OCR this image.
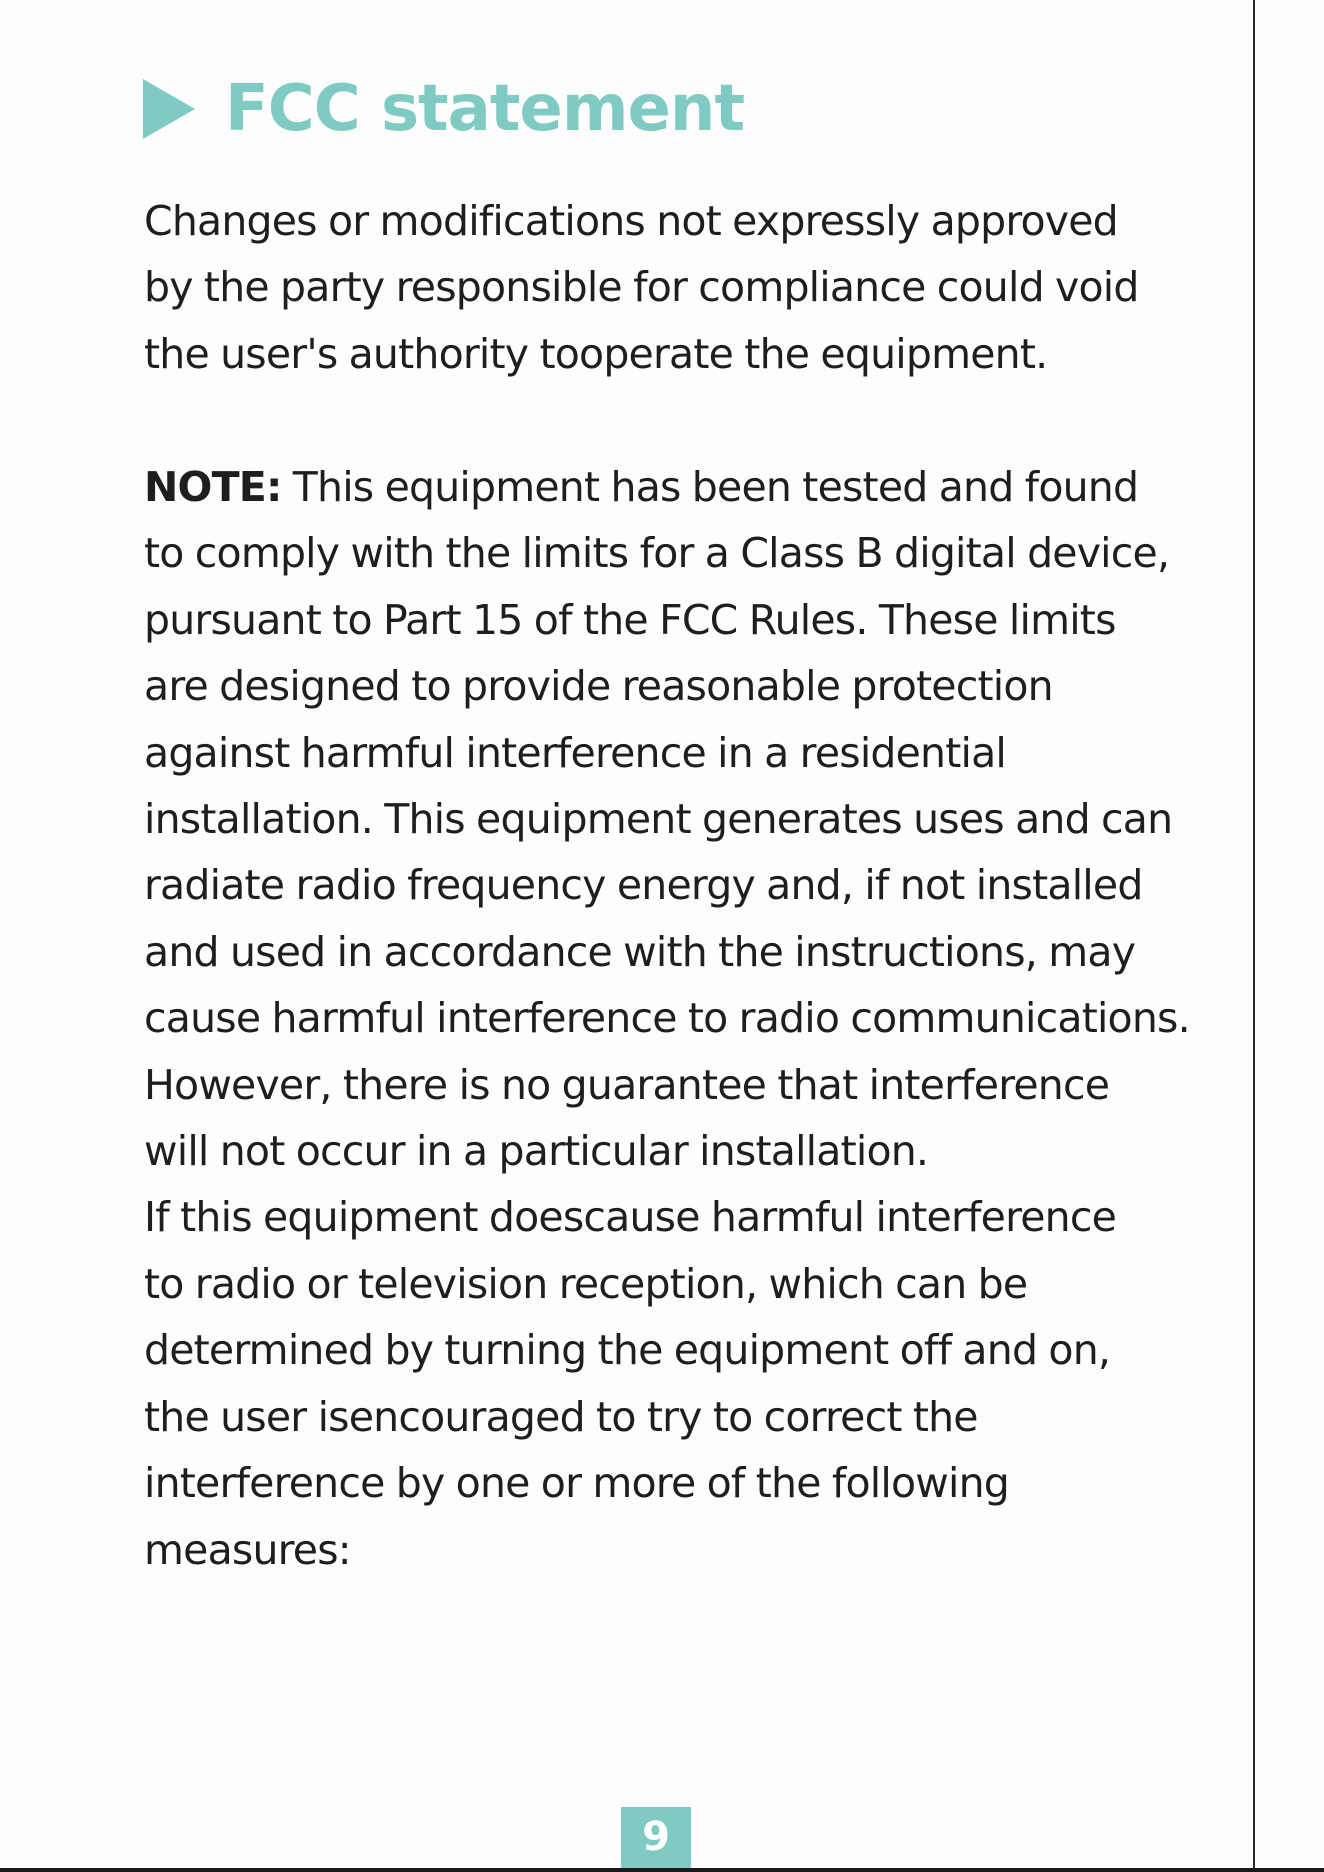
FCC statement

Changes or modifications not expressly approved
by the party responsible for compliance could void
the user's authority tooperate the equipment.

NOTE: This equipment has been tested and found
to comply with the limits for a Class B digital device,
pursuant to Part 15 of the FCC Rules. These limits
are designed to provide reasonable protection
against harmful interference in a residential
installation. This equipment generates uses and can
radiate radio frequency energy and, if not installed
and used in accordance with the instructions, may
cause harmful interference to radio communications.
However, there is no guarantee that interference
will not occur in a particular installation.
If this equipment doescause harmful interference
to radio or television reception, which can be
determined by turning the equipment off and on,
the user isencouraged to try to correct the
interference by one or more of the following
measures:

9
